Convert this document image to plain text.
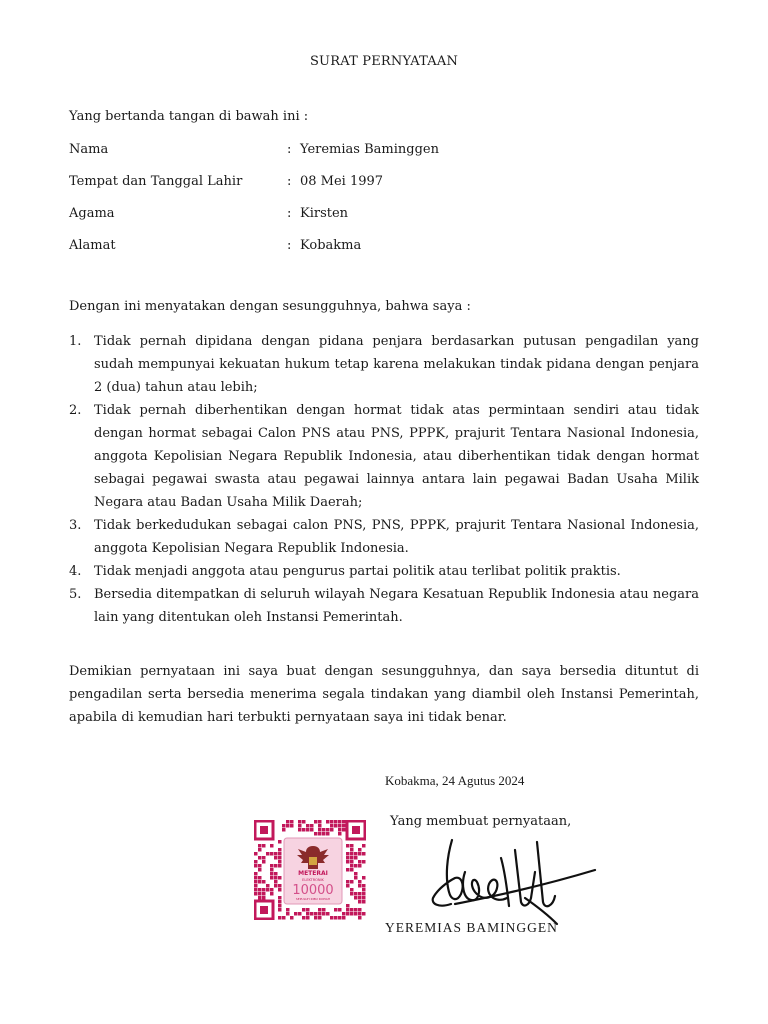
SURAT PERNYATAAN
Yang bertanda tangan di bawah ini :
Nama	: Yeremias Baminggen
Tempat dan Tanggal Lahir	: 08 Mei 1997
Agama	: Kirsten
Alamat	: Kobakma
Dengan ini menyatakan dengan sesungguhnya, bahwa saya :
1. Tidak pernah dipidana dengan pidana penjara berdasarkan putusan pengadilan yang sudah mempunyai kekuatan hukum tetap karena melakukan tindak pidana dengan penjara 2 (dua) tahun atau lebih;
2. Tidak pernah diberhentikan dengan hormat tidak atas permintaan sendiri atau tidak dengan hormat sebagai Calon PNS atau PNS, PPPK, prajurit Tentara Nasional Indonesia, anggota Kepolisian Negara Republik Indonesia, atau diberhentikan tidak dengan hormat sebagai pegawai swasta atau pegawai lainnya antara lain pegawai Badan Usaha Milik Negara atau Badan Usaha Milik Daerah;
3. Tidak berkedudukan sebagai calon PNS, PNS, PPPK, prajurit Tentara Nasional Indonesia, anggota Kepolisian Negara Republik Indonesia.
4. Tidak menjadi anggota atau pengurus partai politik atau terlibat politik praktis.
5. Bersedia ditempatkan di seluruh wilayah Negara Kesatuan Republik Indonesia atau negara lain yang ditentukan oleh Instansi Pemerintah.
Demikian pernyataan ini saya buat dengan sesungguhnya, dan saya bersedia dituntut di pengadilan serta bersedia menerima segala tindakan yang diambil oleh Instansi Pemerintah, apabila di kemudian hari terbukti pernyataan saya ini tidak benar.
Kobakma, 24 Agutus 2024
Yang membuat pernyataan,
METERAI
ELEKTRONIK
10000
SEPULUH RIBU RUPIAH
YEREMIAS BAMINGGEN
